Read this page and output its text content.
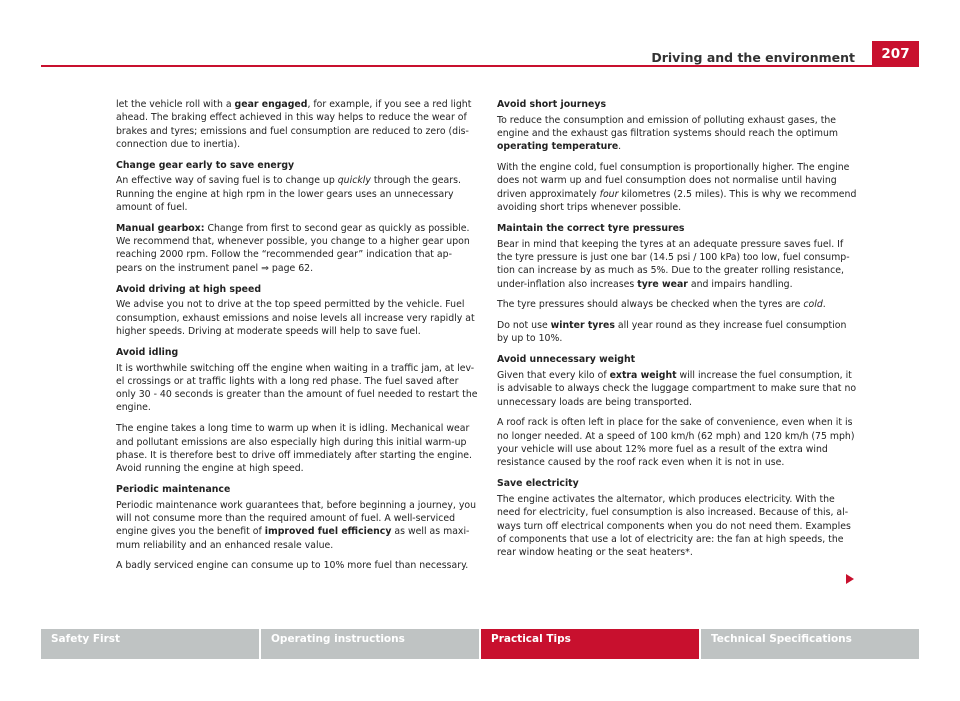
207
Driving and the environment

let the vehicle roll with a gear engaged, for example, if you see a red light ahead. The braking effect achieved in this way helps to reduce the wear of brakes and tyres; emissions and fuel consumption are reduced to zero (dis-connection due to inertia).

Change gear early to save energy

An effective way of saving fuel is to change up quickly through the gears. Running the engine at high rpm in the lower gears uses an unnecessary amount of fuel.

Manual gearbox: Change from first to second gear as quickly as possible. We recommend that, whenever possible, you change to a higher gear upon reaching 2000 rpm. Follow the “recommended gear” indication that ap-pears on the instrument panel ⇒ page 62.

Avoid driving at high speed

We advise you not to drive at the top speed permitted by the vehicle. Fuel consumption, exhaust emissions and noise levels all increase very rapidly at higher speeds. Driving at moderate speeds will help to save fuel.

Avoid idling

It is worthwhile switching off the engine when waiting in a traffic jam, at lev-el crossings or at traffic lights with a long red phase. The fuel saved after only 30 - 40 seconds is greater than the amount of fuel needed to restart the engine.

The engine takes a long time to warm up when it is idling. Mechanical wear and pollutant emissions are also especially high during this initial warm-up phase. It is therefore best to drive off immediately after starting the engine. Avoid running the engine at high speed.

Periodic maintenance

Periodic maintenance work guarantees that, before beginning a journey, you will not consume more than the required amount of fuel. A well-serviced engine gives you the benefit of improved fuel efficiency as well as maxi-mum reliability and an enhanced resale value.

A badly serviced engine can consume up to 10% more fuel than necessary.

Avoid short journeys

To reduce the consumption and emission of polluting exhaust gases, the engine and the exhaust gas filtration systems should reach the optimum operating temperature.

With the engine cold, fuel consumption is proportionally higher. The engine does not warm up and fuel consumption does not normalise until having driven approximately four kilometres (2.5 miles). This is why we recommend avoiding short trips whenever possible.

Maintain the correct tyre pressures

Bear in mind that keeping the tyres at an adequate pressure saves fuel. If the tyre pressure is just one bar (14.5 psi / 100 kPa) too low, fuel consump-tion can increase by as much as 5%. Due to the greater rolling resistance, under-inflation also increases tyre wear and impairs handling.

The tyre pressures should always be checked when the tyres are cold.

Do not use winter tyres all year round as they increase fuel consumption by up to 10%.

Avoid unnecessary weight

Given that every kilo of extra weight will increase the fuel consumption, it is advisable to always check the luggage compartment to make sure that no unnecessary loads are being transported.

A roof rack is often left in place for the sake of convenience, even when it is no longer needed. At a speed of 100 km/h (62 mph) and 120 km/h (75 mph) your vehicle will use about 12% more fuel as a result of the extra wind resistance caused by the roof rack even when it is not in use.

Save electricity

The engine activates the alternator, which produces electricity. With the need for electricity, fuel consumption is also increased. Because of this, al-ways turn off electrical components when you do not need them. Examples of components that use a lot of electricity are: the fan at high speeds, the rear window heating or the seat heaters*.

Safety First	Operating instructions	Practical Tips	Technical Specifications
